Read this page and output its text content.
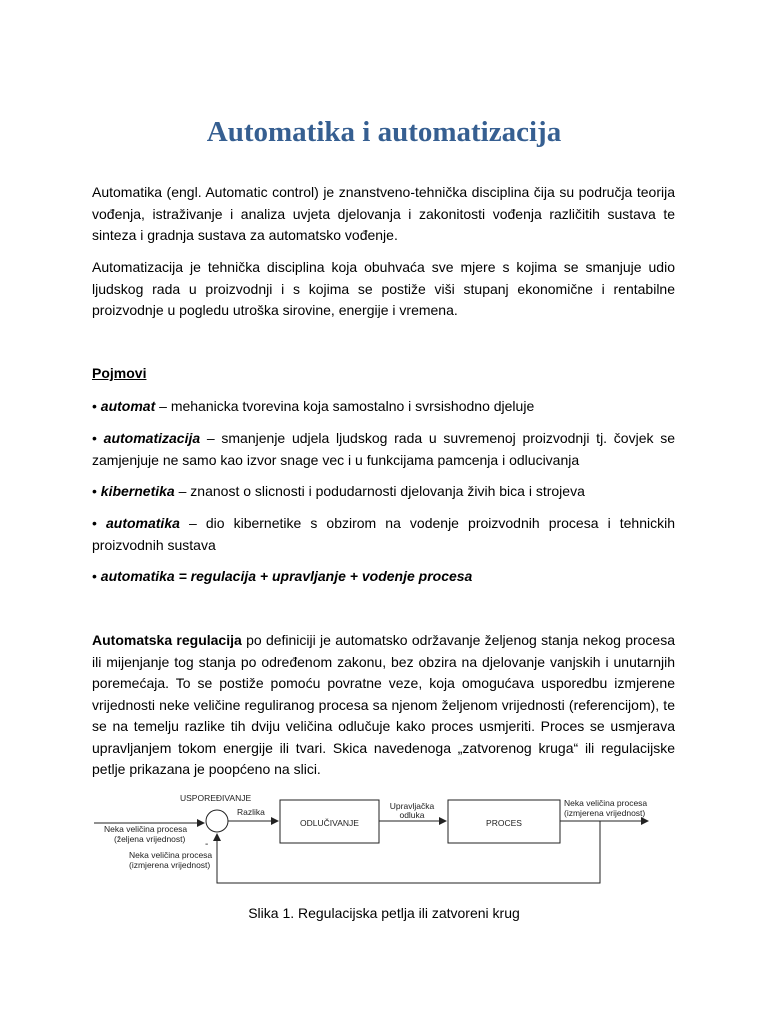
Automatika i automatizacija
Automatika (engl. Automatic control) je znanstveno-tehnička disciplina čija su područja teorija vođenja, istraživanje i analiza uvjeta djelovanja i zakonitosti vođenja različitih sustava te sinteza i gradnja sustava za automatsko vođenje.
Automatizacija je tehnička disciplina koja obuhvaća sve mjere s kojima se smanjuje udio ljudskog rada u proizvodnji i s kojima se postiže viši stupanj ekonomične i rentabilne proizvodnje u pogledu utroška sirovine, energije i vremena.
Pojmovi
• automat – mehanicka tvorevina koja samostalno i svrsishodno djeluje
• automatizacija – smanjenje udjela ljudskog rada u suvremenoj proizvodnji tj. čovjek se zamjenjuje ne samo kao izvor snage vec i u funkcijama pamcenja i odlucivanja
• kibernetika – znanost o slicnosti i podudarnosti djelovanja živih bica i strojeva
• automatika – dio kibernetike s obzirom na vodenje proizvodnih procesa i tehnickih proizvodnih sustava
• automatika = regulacija + upravljanje + vodenje procesa
Automatska regulacija po definiciji je automatsko održavanje željenog stanja nekog procesa ili mijenjanje tog stanja po određenom zakonu, bez obzira na djelovanje vanjskih i unutarnjih poremećaja. To se postiže pomoću povratne veze, koja omogućava usporedbu izmjerene vrijednosti neke veličine reguliranog procesa sa njenom željenom vrijednosti (referencijom), te se na temelju razlike tih dviju veličina odlučuje kako proces usmjeriti. Proces se usmjerava upravljanjem tokom energije ili tvari. Skica navedenoga „zatvorenog kruga“ ili regulacijske petlje prikazana je poopćeno na slici.
USPOREĐIVANJE
Neka veličina procesa
(željena vrijednost)
Razlika
ODLUČIVANJE
Upravljačka
odluka
PROCES
Neka veličina procesa
(izmjerena vrijednost)
-
Neka veličina procesa
(izmjerena vrijednost)
Slika 1. Regulacijska petlja ili zatvoreni krug
